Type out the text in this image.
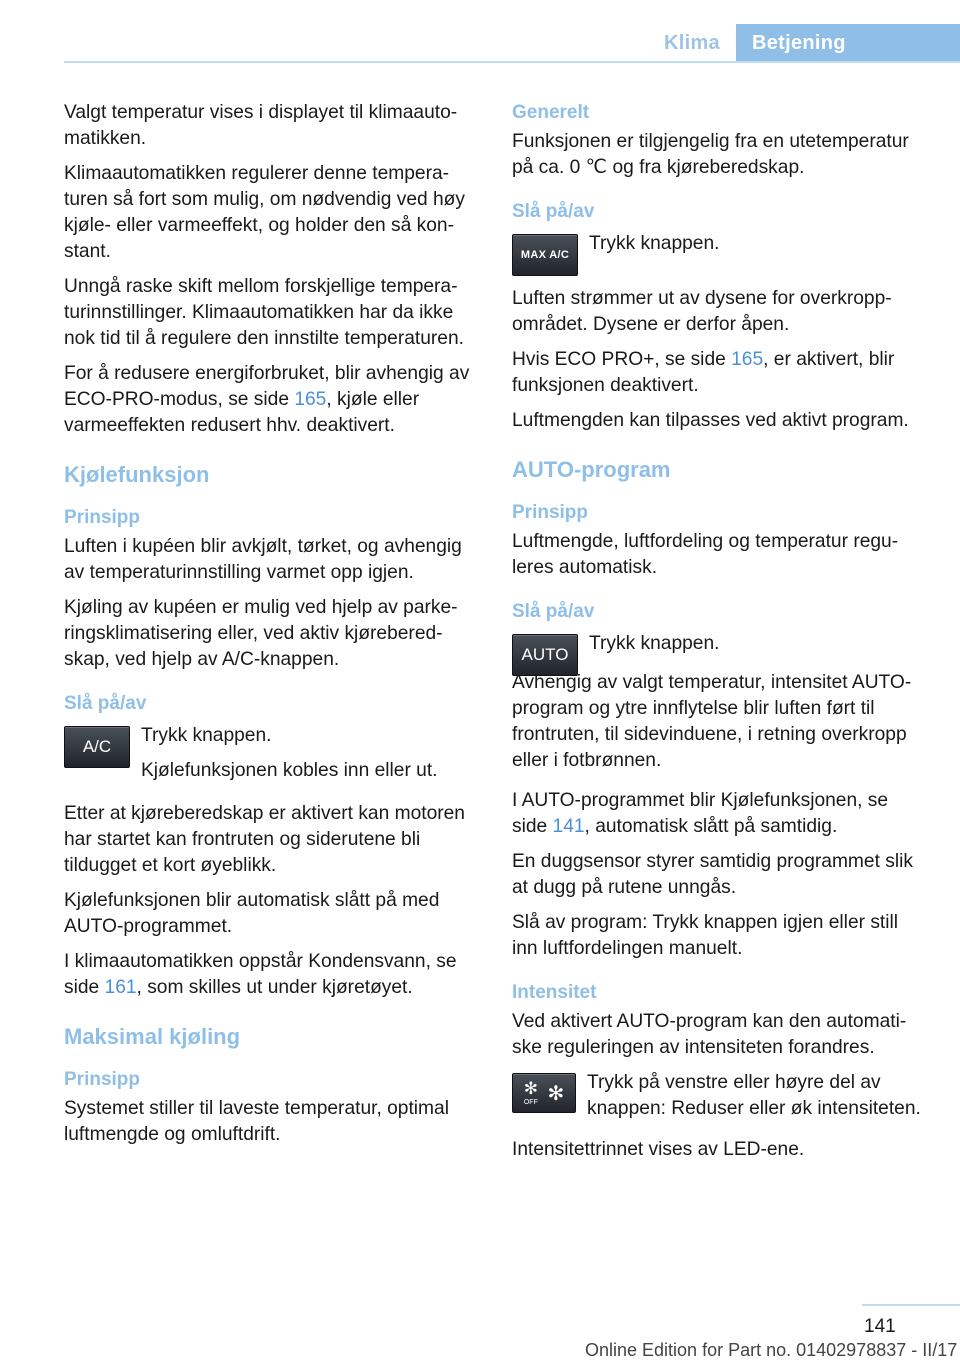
Klima	Betjening

Valgt temperatur vises i displayet til klimaautomatikken.

Klimaautomatikken regulerer denne temperaturen så fort som mulig, om nødvendig ved høy kjøle- eller varmeeffekt, og holder den så konstant.

Unngå raske skift mellom forskjellige temperaturinnstillinger. Klimaautomatikken har da ikke nok tid til å regulere den innstilte temperaturen.

For å redusere energiforbruket, blir avhengig av ECO-PRO-modus, se side 165, kjøle eller varmeeffekten redusert hhv. deaktivert.

Kjølefunksjon
Prinsipp

Luften i kupéen blir avkjølt, tørket, og avhengig av temperaturinnstilling varmet opp igjen.

Kjøling av kupéen er mulig ved hjelp av parkeringsklimatisering eller, ved aktiv kjøreberedskap, ved hjelp av A/C-knappen.

Slå på/av
A/C

Trykk knappen.

Kjølefunksjonen kobles inn eller ut.

Etter at kjøreberedskap er aktivert kan motoren har startet kan frontruten og siderutene bli tildugget et kort øyeblikk.

Kjølefunksjonen blir automatisk slått på med AUTO-programmet.

I klimaautomatikken oppstår Kondensvann, se side 161, som skilles ut under kjøretøyet.

Maksimal kjøling
Prinsipp

Systemet stiller til laveste temperatur, optimal luftmengde og omluftdrift.

Generelt

Funksjonen er tilgjengelig fra en utetemperatur på ca. 0 ℃ og fra kjøreberedskap.

Slå på/av
MAX A/C

Trykk knappen.

Luften strømmer ut av dysene for overkroppområdet. Dysene er derfor åpen.

Hvis ECO PRO+, se side 165, er aktivert, blir funksjonen deaktivert.

Luftmengden kan tilpasses ved aktivt program.

AUTO-program
Prinsipp

Luftmengde, luftfordeling og temperatur reguleres automatisk.

Slå på/av
AUTO

Trykk knappen.

Avhengig av valgt temperatur, intensitet AUTO-program og ytre innflytelse blir luften ført til frontruten, til sidevinduene, i retning overkropp eller i fotbrønnen.

I AUTO-programmet blir Kjølefunksjonen, se side 141, automatisk slått på samtidig.

En duggsensor styrer samtidig programmet slik at dugg på rutene unngås.

Slå av program: Trykk knappen igjen eller still inn luftfordelingen manuelt.

Intensitet

Ved aktivert AUTO-program kan den automatiske reguleringen av intensiteten forandres.

✻
OFF ✻ Trykk på venstre eller høyre del av knappen: Reduser eller øk intensiteten.

Intensitettrinnet vises av LED-ene.

141
Online Edition for Part no. 01402978837 - II/17
